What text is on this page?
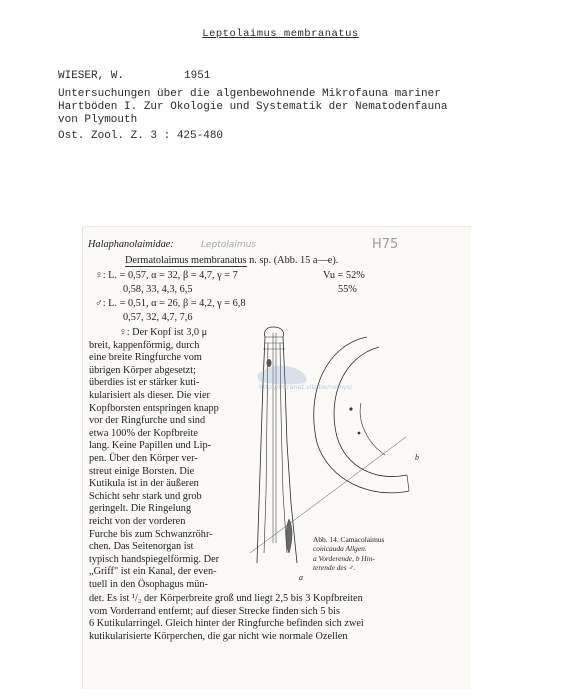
Leptolaimus membranatus
WIESER, W.	1951
Untersuchungen über die algenbewohnende Mikrofauna mariner
Hartböden I. Zur Okologie und Systematik der Nematodenfauna
von Plymouth
Ost. Zool. Z. 3 : 425-480
Halaphanolaimidae:	Leptolaimus	H75
Dermatolaimus membranatus n. sp. (Abb. 15 a—e).
♀: L. = 0,57, α = 32, β = 4,7, γ = 7	Vu = 52%
0,58, 33, 4,3, 6,5	55%
♂: L. = 0,51, α = 26, β = 4,2, γ = 6,8
0,57, 32, 4,7, 7,6
♀: Der Kopf ist 3,0 μ
breit, kappenförmig, durch
eine breite Ringfurche vom
übrigen Körper abgesetzt;
überdies ist er stärker kuti-
kularisiert als dieser. Die vier
Kopfborsten entspringen knapp
vor der Ringfurche und sind
etwa 100% der Kopfbreite
lang. Keine Papillen und Lip-
pen. Über den Körper ver-
streut einige Borsten. Die
Kutikula ist in der äußeren
Schicht sehr stark und grob
geringelt. Die Ringelung
reicht von der vorderen
Furche bis zum Schwanzröhr-
chen. Das Seitenorgan ist
typisch handspiegelförmig. Der
„Griff" ist ein Kanal, der even-
tuell in den Ösophagus mün-
det. Es ist ¹/₂ der Körperbreite groß und liegt 2,5 bis 3 Kopfbreiten
vom Vorderrand entfernt; auf dieser Strecke finden sich 5 bis
6 Kutikularringel. Gleich hinter der Ringfurche befinden sich zwei
kutikularisierte Körperchen, die gar nicht wie normale Ozellen
Abb. 14. Camacolaimus
conicauda Allgen.
a Vorderende, b Hin-
terende des ♂.
a
b
http://intranet.vliz.be/nemys/
